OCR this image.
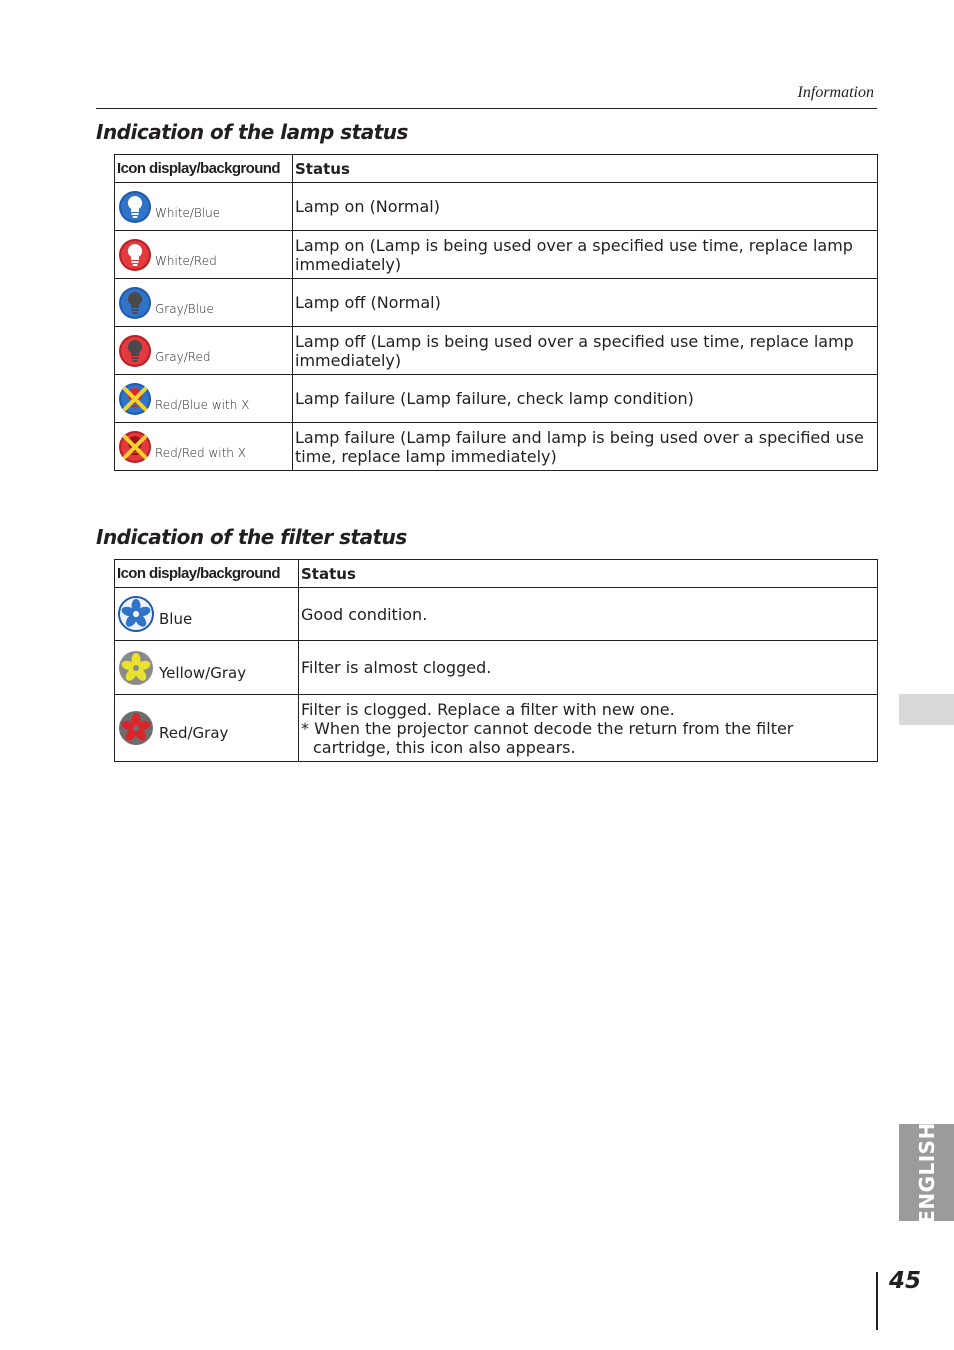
Information
Indication of the lamp status
Icon display/background	Status

White/Blue	Lamp on (Normal)

White/Red	Lamp on (Lamp is being used over a specified use time, replace lamp immediately)

Gray/Blue	Lamp off (Normal)

Gray/Red	Lamp off (Lamp is being used over a specified use time, replace lamp immediately)

Red/Blue with X	Lamp failure (Lamp failure, check lamp condition)

Red/Red with X	Lamp failure (Lamp failure and lamp is being used over a specified use time, replace lamp immediately)
Indication of the filter status
Icon display/background	Status

Blue	Good condition.

Yellow/Gray	Filter is almost clogged.

Red/Gray	Filter is clogged. Replace a filter with new one.
* When the projector cannot decode the return from the filter cartridge, this icon also appears.
ENGLISH
45
